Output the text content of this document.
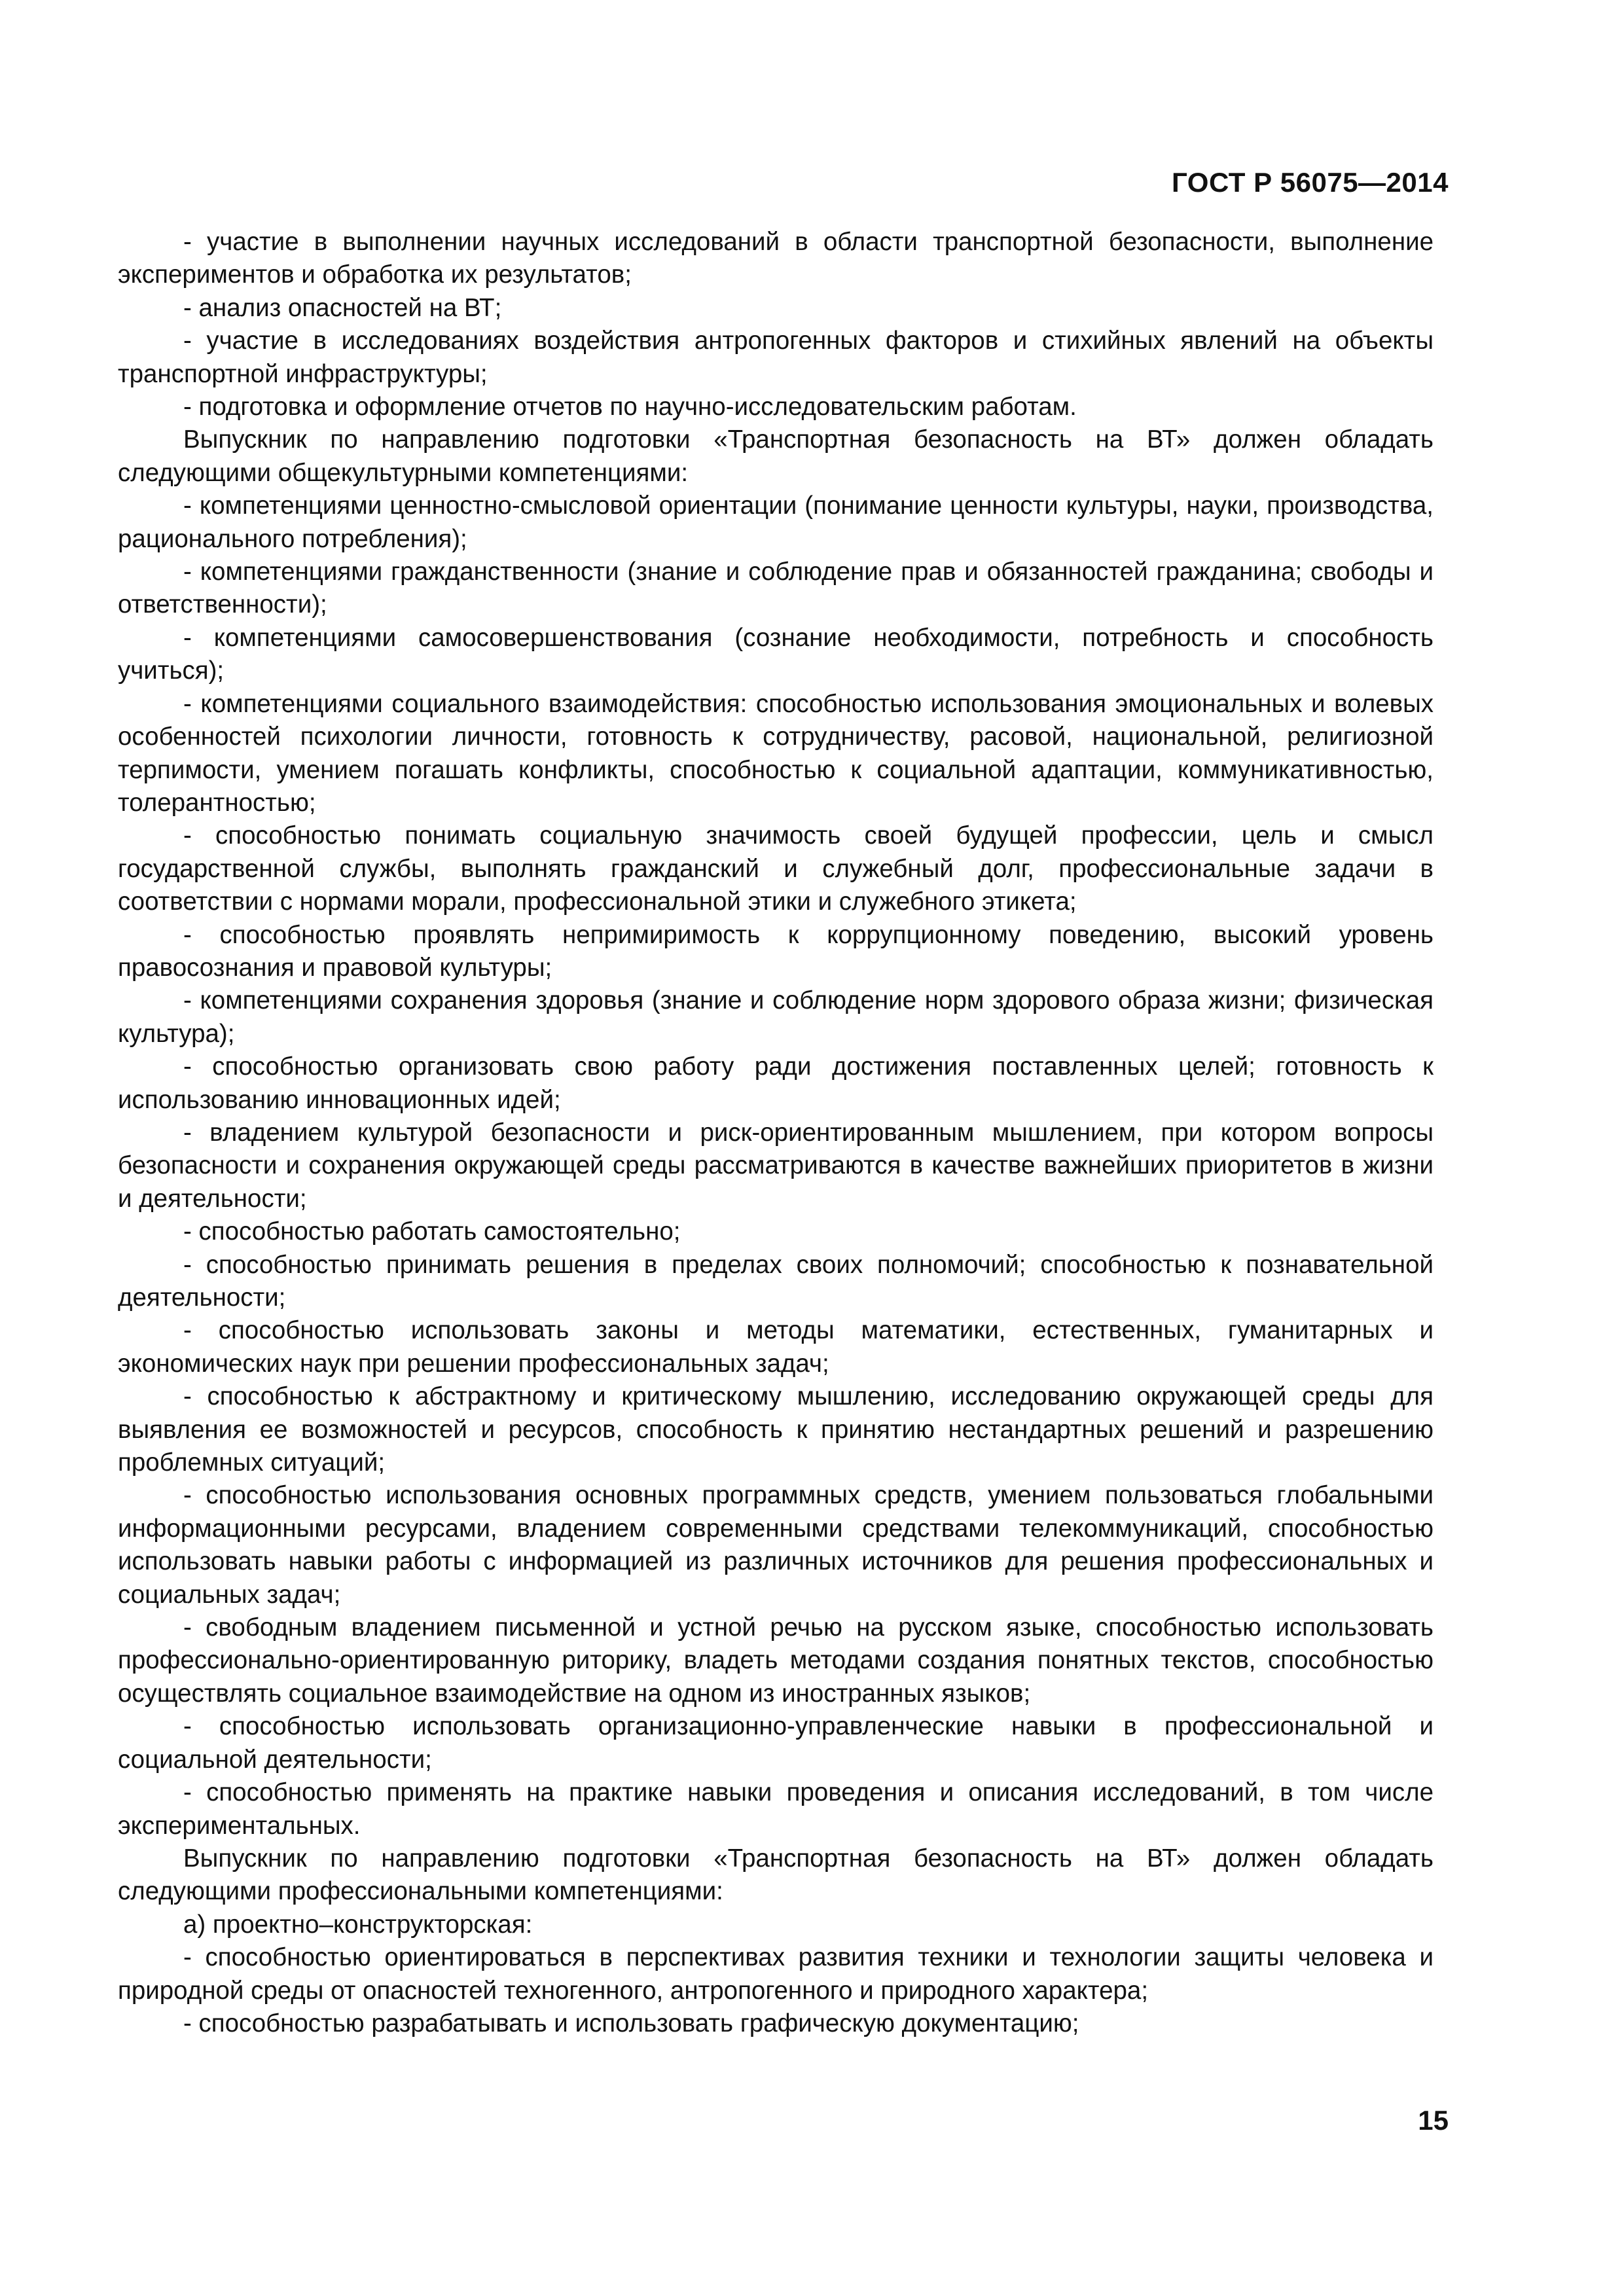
ГОСТ Р 56075—2014

- участие в выполнении научных исследований в области транспортной безопасности, выполнение экспериментов и обработка их результатов;

- анализ опасностей на ВТ;

- участие в исследованиях воздействия антропогенных факторов и стихийных явлений на объекты транспортной инфраструктуры;

- подготовка и оформление отчетов по научно-исследовательским работам.

Выпускник по направлению подготовки «Транспортная безопасность на ВТ» должен обладать следующими общекультурными компетенциями:

- компетенциями ценностно-смысловой ориентации (понимание ценности культуры, науки, производства, рационального потребления);

- компетенциями гражданственности (знание и соблюдение прав и обязанностей гражданина; свободы и ответственности);

- компетенциями самосовершенствования (сознание необходимости, потребность и способность учиться);

- компетенциями социального взаимодействия: способностью использования эмоциональных и волевых особенностей психологии личности, готовность к сотрудничеству, расовой, национальной, религиозной терпимости, умением погашать конфликты, способностью к социальной адаптации, коммуникативностью, толерантностью;

- способностью понимать социальную значимость своей будущей профессии, цель и смысл государственной службы, выполнять гражданский и служебный долг, профессиональные задачи в соответствии с нормами морали, профессиональной этики и служебного этикета;

- способностью проявлять непримиримость к коррупционному поведению, высокий уровень правосознания и правовой культуры;

- компетенциями сохранения здоровья (знание и соблюдение норм здорового образа жизни; физическая культура);

- способностью организовать свою работу ради достижения поставленных целей; готовность к использованию инновационных идей;

- владением культурой безопасности и риск-ориентированным мышлением, при котором вопросы безопасности и сохранения окружающей среды рассматриваются в качестве важнейших приоритетов в жизни и деятельности;

- способностью работать самостоятельно;

- способностью принимать решения в пределах своих полномочий; способностью к познавательной деятельности;

- способностью использовать законы и методы математики, естественных, гуманитарных и экономических наук при решении профессиональных задач;

- способностью к абстрактному и критическому мышлению, исследованию окружающей среды для выявления ее возможностей и ресурсов, способность к принятию нестандартных решений и разрешению проблемных ситуаций;

- способностью использования основных программных средств, умением пользоваться глобальными информационными ресурсами, владением современными средствами телекоммуникаций, способностью использовать навыки работы с информацией из различных источников для решения профессиональных и социальных задач;

- свободным владением письменной и устной речью на русском языке, способностью использовать профессионально-ориентированную риторику, владеть методами создания понятных текстов, способностью осуществлять социальное взаимодействие на одном из иностранных языков;

- способностью использовать организационно-управленческие навыки в профессиональной и социальной деятельности;

- способностью применять на практике навыки проведения и описания исследований, в том числе экспериментальных.

Выпускник по направлению подготовки «Транспортная безопасность на ВТ» должен обладать следующими профессиональными компетенциями:

а) проектно–конструкторская:

- способностью ориентироваться в перспективах развития техники и технологии защиты человека и природной среды от опасностей техногенного, антропогенного и природного характера;

- способностью разрабатывать и использовать графическую документацию;

15
